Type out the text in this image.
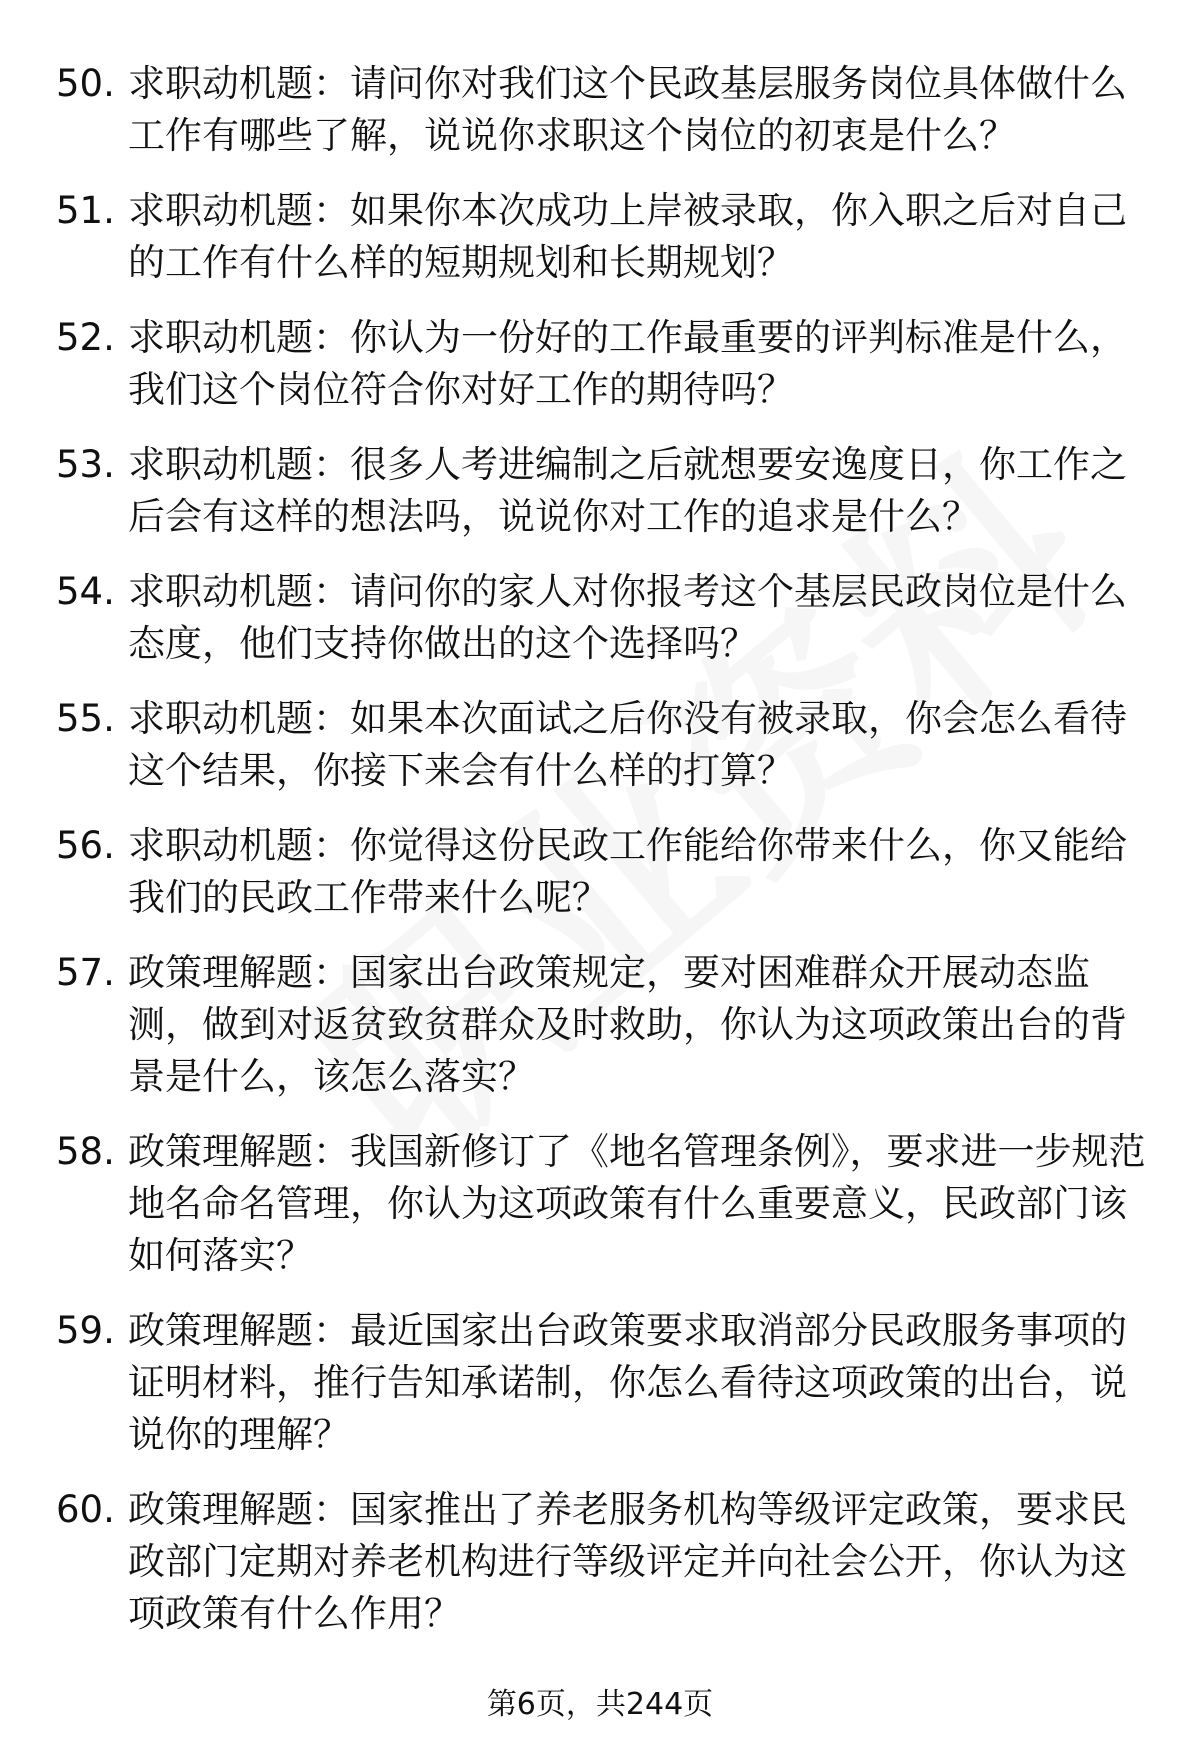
50. 求职动机题：请问你对我们这个民政基层服务岗位具体做什么工作有哪些了解，说说你求职这个岗位的初衷是什么？
51. 求职动机题：如果你本次成功上岸被录取，你入职之后对自己的工作有什么样的短期规划和长期规划？
52. 求职动机题：你认为一份好的工作最重要的评判标准是什么，我们这个岗位符合你对好工作的期待吗？
53. 求职动机题：很多人考进编制之后就想要安逸度日，你工作之后会有这样的想法吗，说说你对工作的追求是什么？
54. 求职动机题：请问你的家人对你报考这个基层民政岗位是什么态度，他们支持你做出的这个选择吗？
55. 求职动机题：如果本次面试之后你没有被录取，你会怎么看待这个结果，你接下来会有什么样的打算？
56. 求职动机题：你觉得这份民政工作能给你带来什么，你又能给我们的民政工作带来什么呢？
57. 政策理解题：国家出台政策规定，要对困难群众开展动态监测，做到对返贫致贫群众及时救助，你认为这项政策出台的背景是什么，该怎么落实？
58. 政策理解题：我国新修订了《地名管理条例》，要求进一步规范地名命名管理，你认为这项政策有什么重要意义，民政部门该如何落实？
59. 政策理解题：最近国家出台政策要求取消部分民政服务事项的证明材料，推行告知承诺制，你怎么看待这项政策的出台，说说你的理解？
60. 政策理解题：国家推出了养老服务机构等级评定政策，要求民政部门定期对养老机构进行等级评定并向社会公开，你认为这项政策有什么作用？
第6页，共244页
